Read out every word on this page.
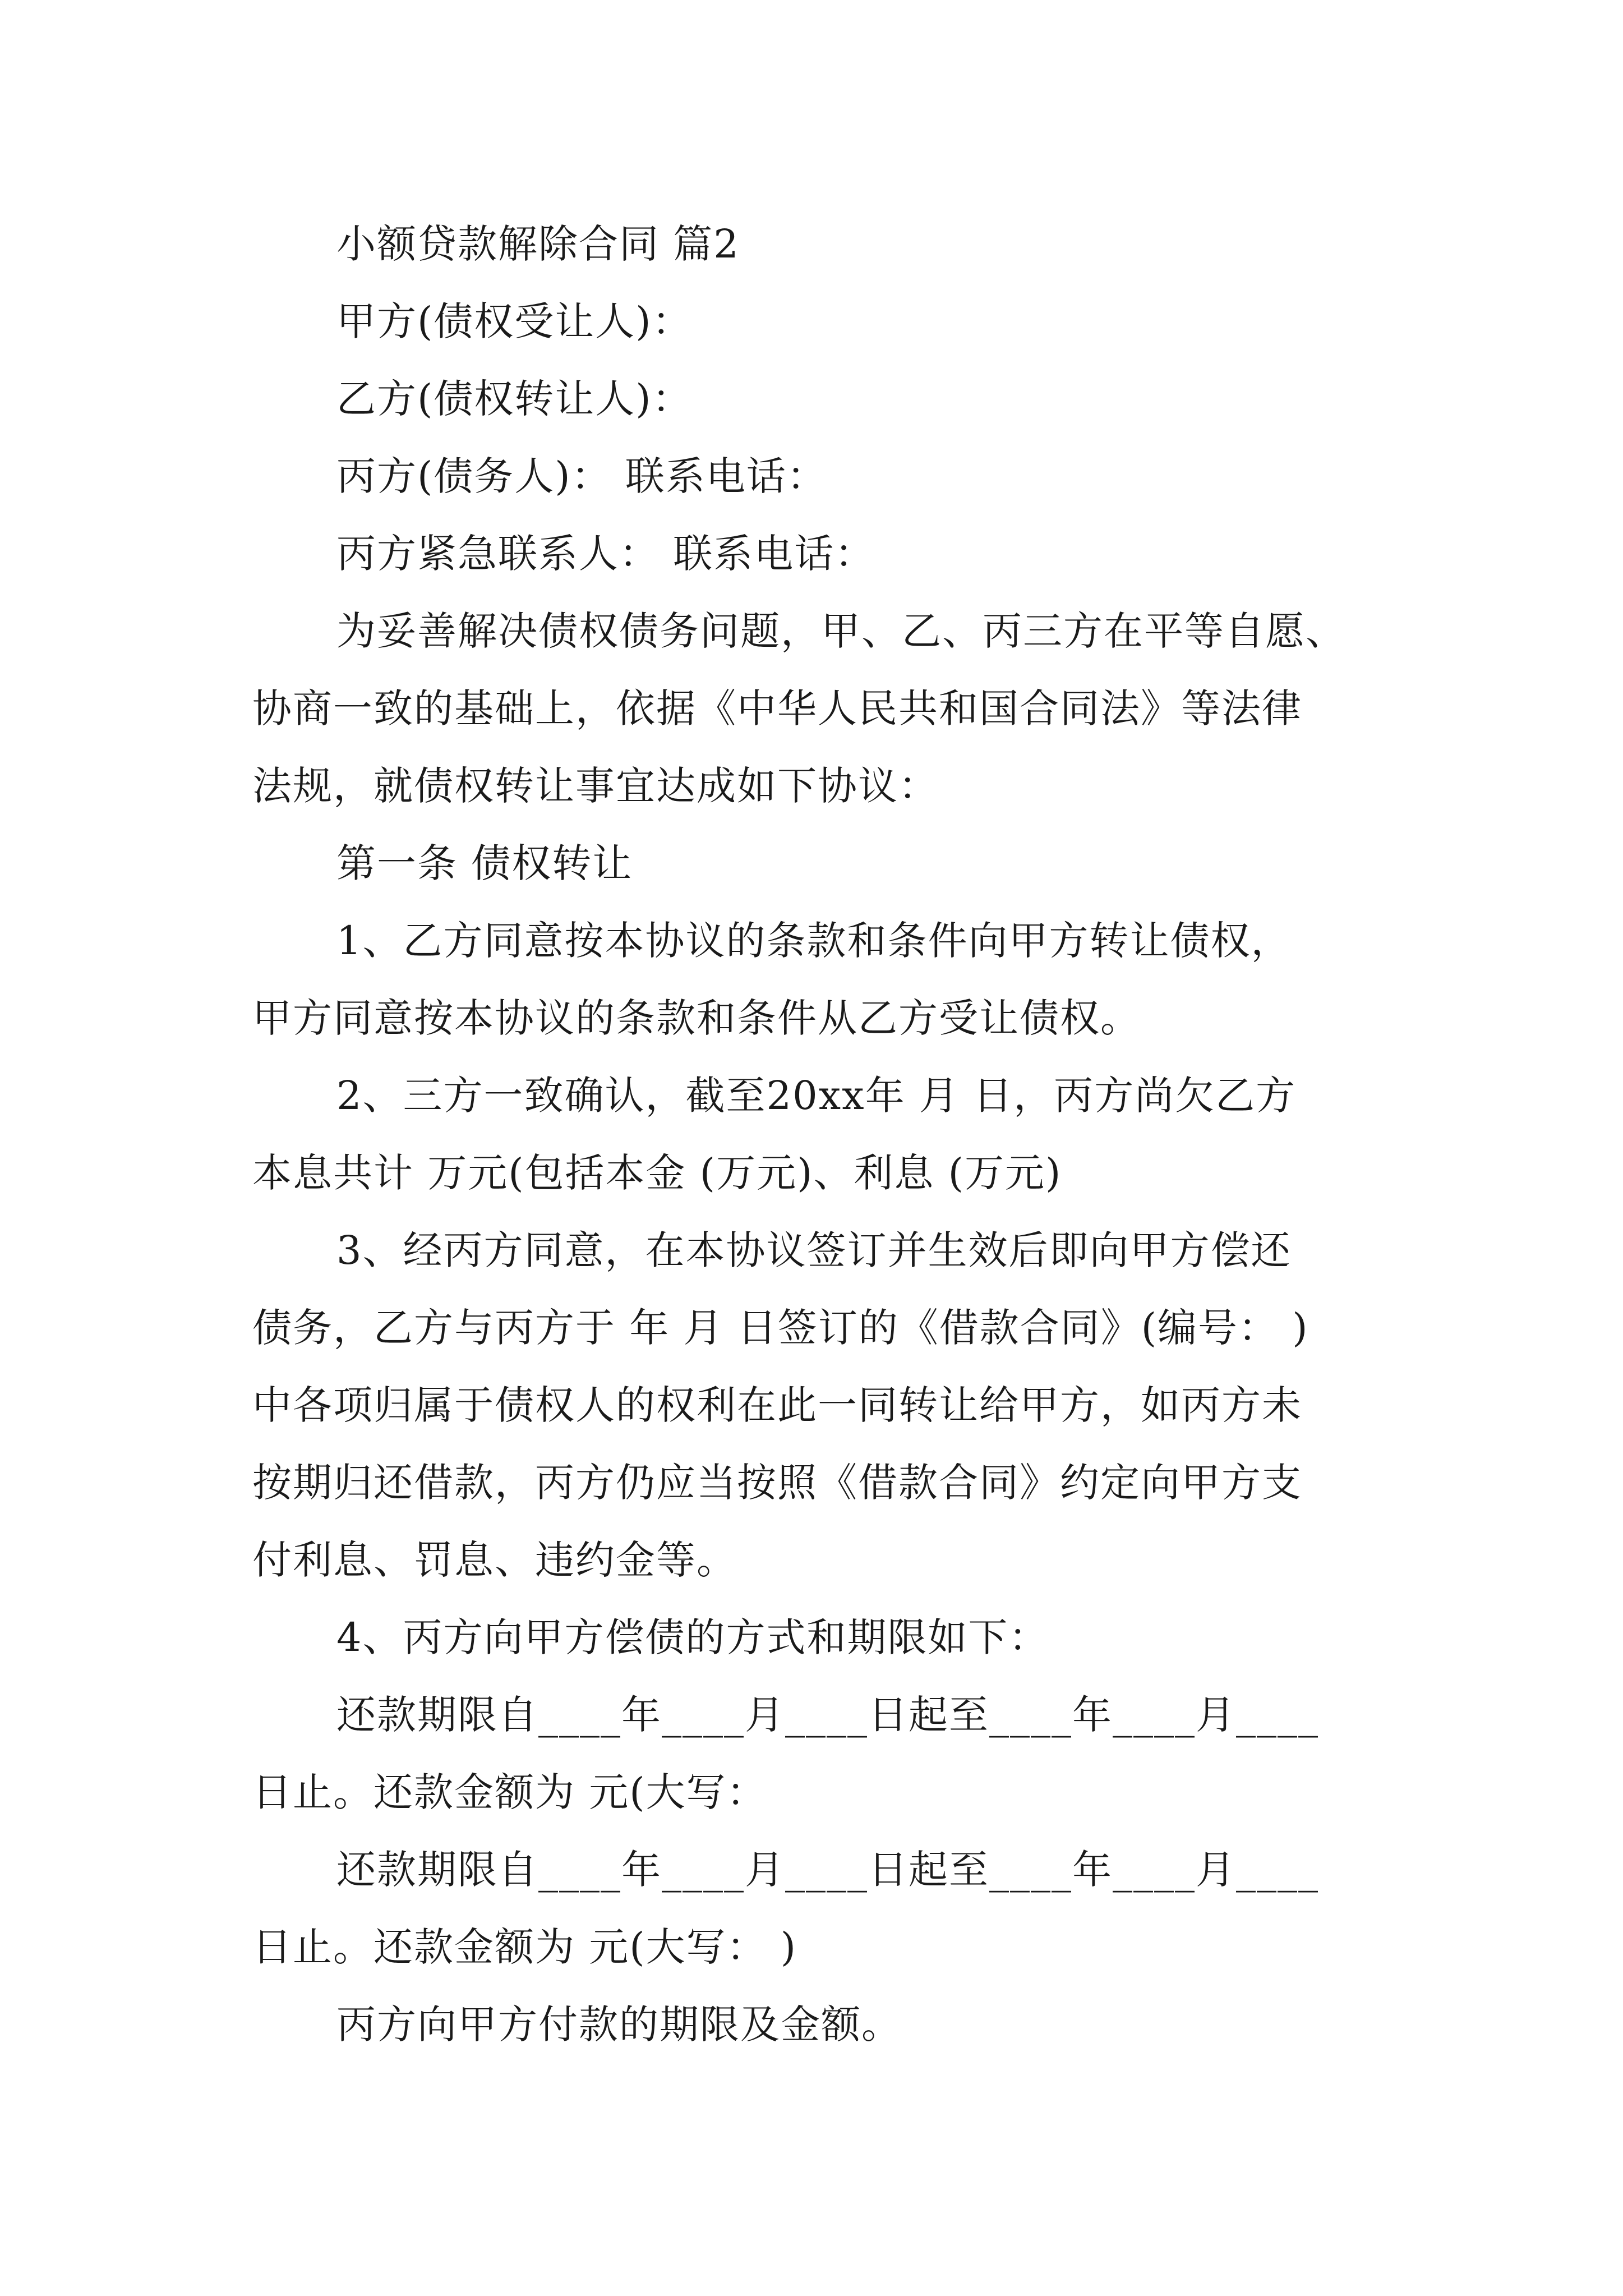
小额贷款解除合同 篇2
甲方(债权受让人)：
乙方(债权转让人)：
丙方(债务人)： 联系电话：
丙方紧急联系人： 联系电话：
为妥善解决债权债务问题，甲、乙、丙三方在平等自愿、
协商一致的基础上，依据《中华人民共和国合同法》等法律
法规，就债权转让事宜达成如下协议：
第一条 债权转让
1、乙方同意按本协议的条款和条件向甲方转让债权，
甲方同意按本协议的条款和条件从乙方受让债权。
2、三方一致确认，截至20xx年 月 日，丙方尚欠乙方
本息共计 万元(包括本金 (万元)、利息 (万元)
3、经丙方同意，在本协议签订并生效后即向甲方偿还
债务，乙方与丙方于 年 月 日签订的《借款合同》(编号： )
中各项归属于债权人的权利在此一同转让给甲方，如丙方未
按期归还借款，丙方仍应当按照《借款合同》约定向甲方支
付利息、罚息、违约金等。
4、丙方向甲方偿债的方式和期限如下：
还款期限自____年____月____日起至____年____月____
日止。还款金额为 元(大写：
还款期限自____年____月____日起至____年____月____
日止。还款金额为 元(大写： )
丙方向甲方付款的期限及金额。
